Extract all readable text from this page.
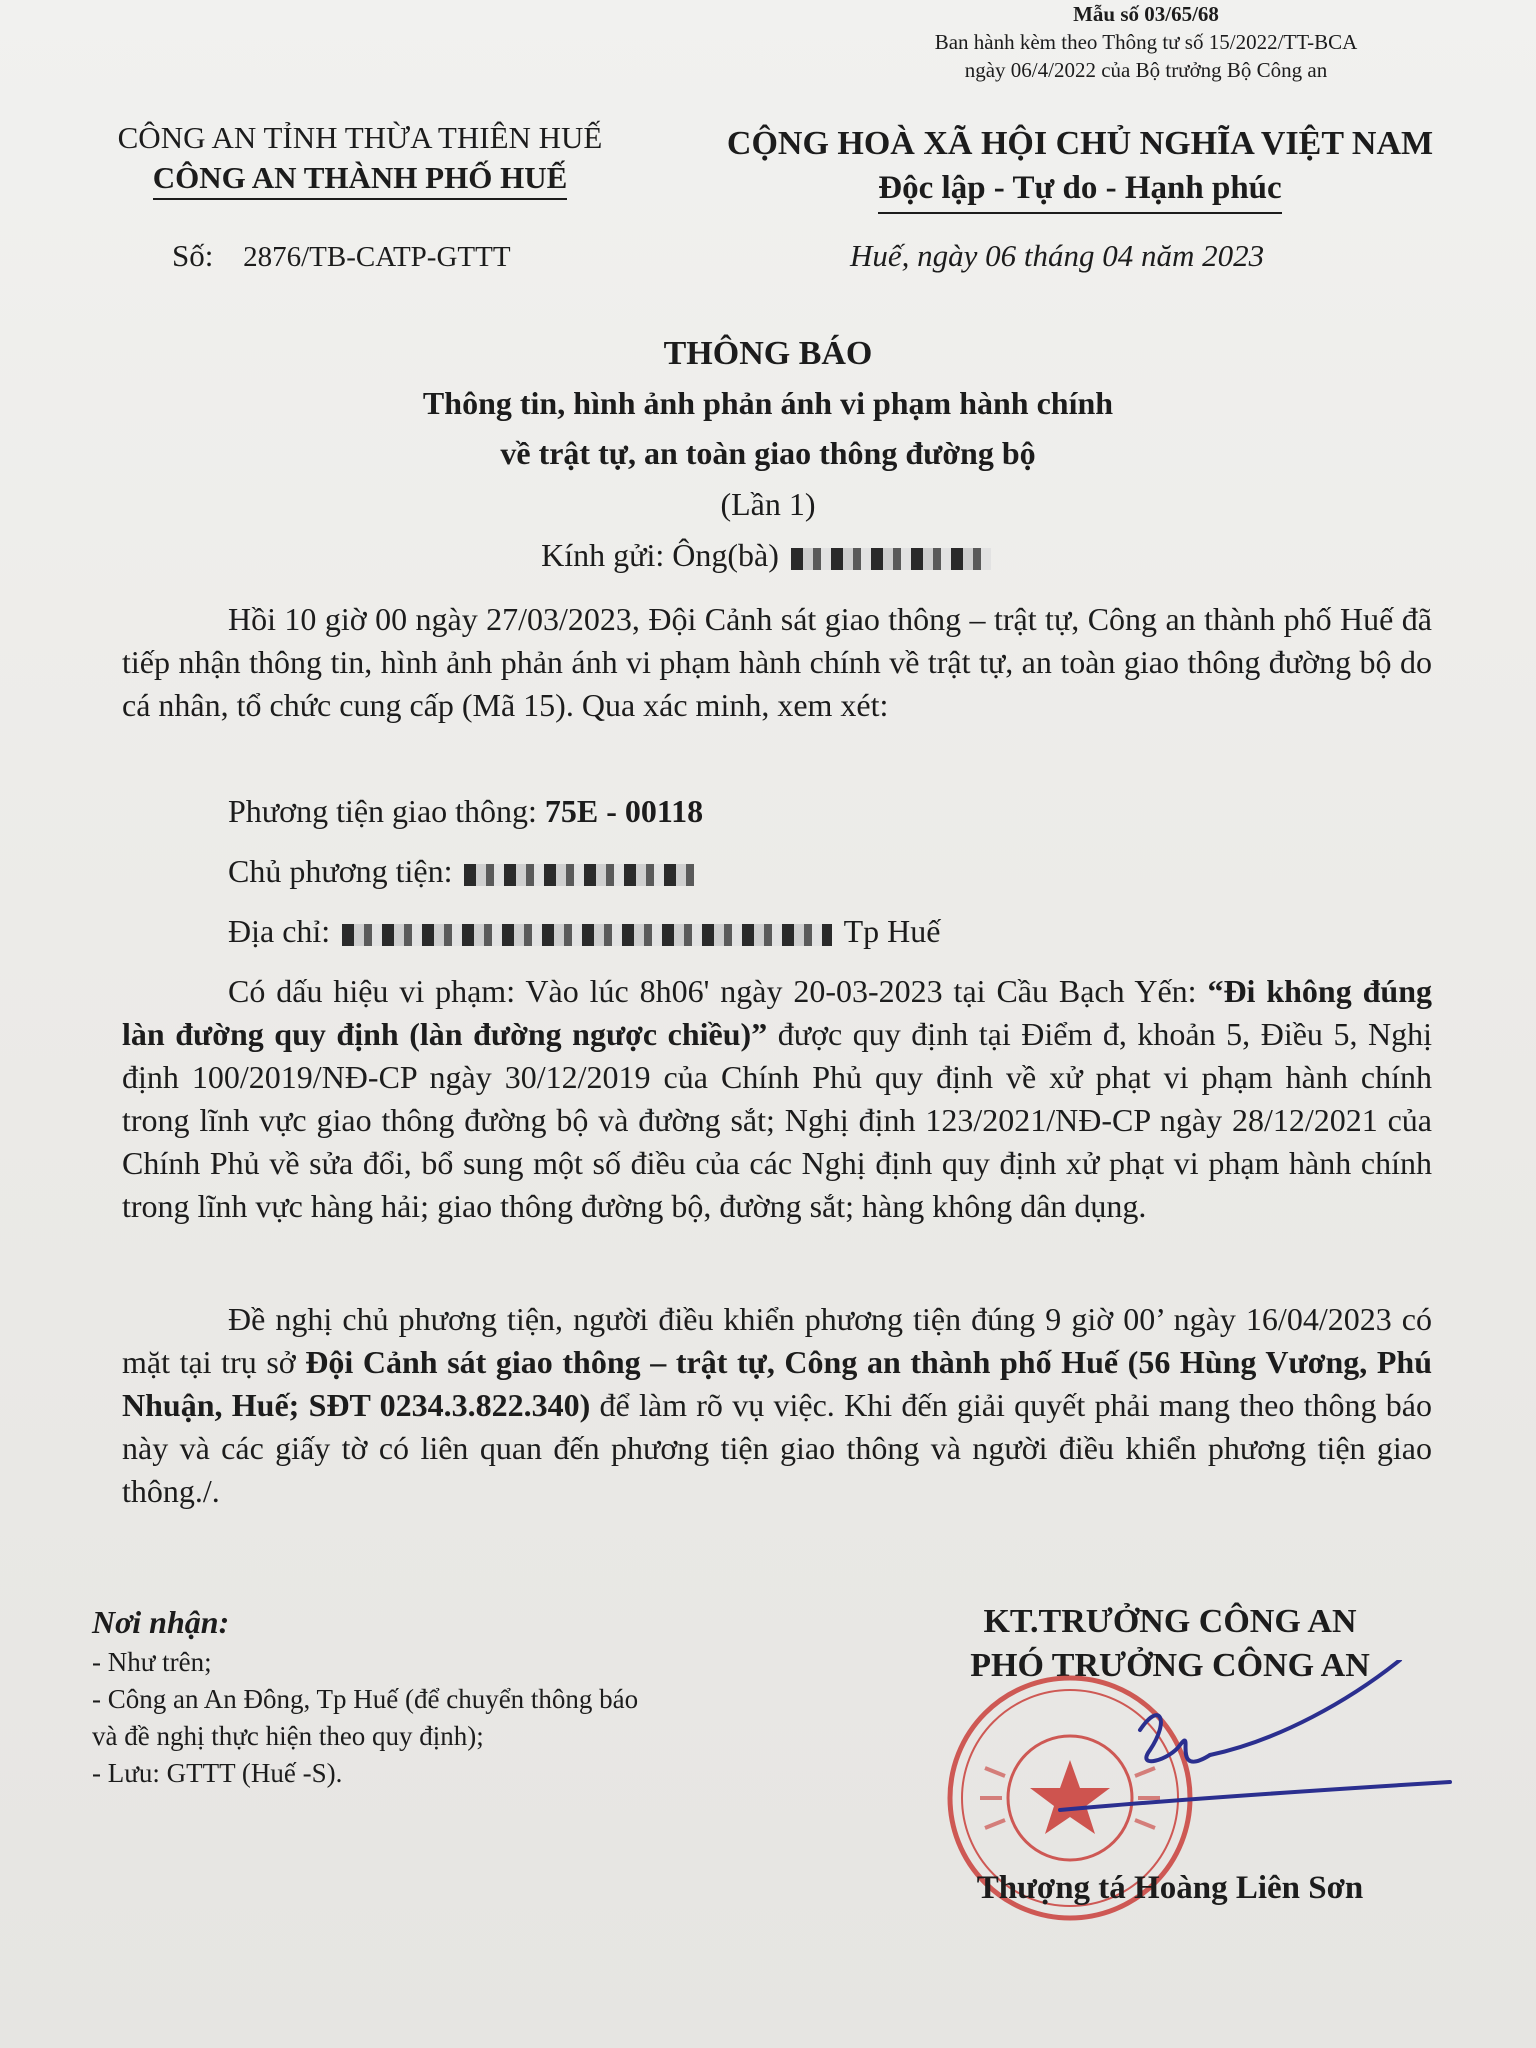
Mẫu số 03/65/68
Ban hành kèm theo Thông tư số 15/2022/TT-BCA
ngày 06/4/2022 của Bộ trưởng Bộ Công an
CÔNG AN TỈNH THỪA THIÊN HUẾ
CÔNG AN THÀNH PHỐ HUẾ
CỘNG HOÀ XÃ HỘI CHỦ NGHĨA VIỆT NAM
Độc lập - Tự do - Hạnh phúc
Số: 2876/TB-CATP-GTTT	Huế, ngày 06 tháng 04 năm 2023
THÔNG BÁO
Thông tin, hình ảnh phản ánh vi phạm hành chính
về trật tự, an toàn giao thông đường bộ
(Lần 1)
Kính gửi: Ông(bà)
Hồi 10 giờ 00 ngày 27/03/2023, Đội Cảnh sát giao thông – trật tự, Công an thành phố Huế đã tiếp nhận thông tin, hình ảnh phản ánh vi phạm hành chính về trật tự, an toàn giao thông đường bộ do cá nhân, tổ chức cung cấp (Mã 15). Qua xác minh, xem xét:
Phương tiện giao thông: 75E - 00118
Chủ phương tiện:
Địa chỉ:	Tp Huế
Có dấu hiệu vi phạm: Vào lúc 8h06' ngày 20-03-2023 tại Cầu Bạch Yến: “Đi không đúng làn đường quy định (làn đường ngược chiều)” được quy định tại Điểm đ, khoản 5, Điều 5, Nghị định 100/2019/NĐ-CP ngày 30/12/2019 của Chính Phủ quy định về xử phạt vi phạm hành chính trong lĩnh vực giao thông đường bộ và đường sắt; Nghị định 123/2021/NĐ-CP ngày 28/12/2021 của Chính Phủ về sửa đổi, bổ sung một số điều của các Nghị định quy định xử phạt vi phạm hành chính trong lĩnh vực hàng hải; giao thông đường bộ, đường sắt; hàng không dân dụng.
Đề nghị chủ phương tiện, người điều khiển phương tiện đúng 9 giờ 00’ ngày 16/04/2023 có mặt tại trụ sở Đội Cảnh sát giao thông – trật tự, Công an thành phố Huế (56 Hùng Vương, Phú Nhuận, Huế; SĐT 0234.3.822.340) để làm rõ vụ việc. Khi đến giải quyết phải mang theo thông báo này và các giấy tờ có liên quan đến phương tiện giao thông và người điều khiển phương tiện giao thông./.
Nơi nhận:
- Như trên;
- Công an An Đông, Tp Huế (để chuyển thông báo
và đề nghị thực hiện theo quy định);
- Lưu: GTTT (Huế -S).
KT.TRƯỞNG CÔNG AN
PHÓ TRƯỞNG CÔNG AN
Thượng tá Hoàng Liên Sơn
